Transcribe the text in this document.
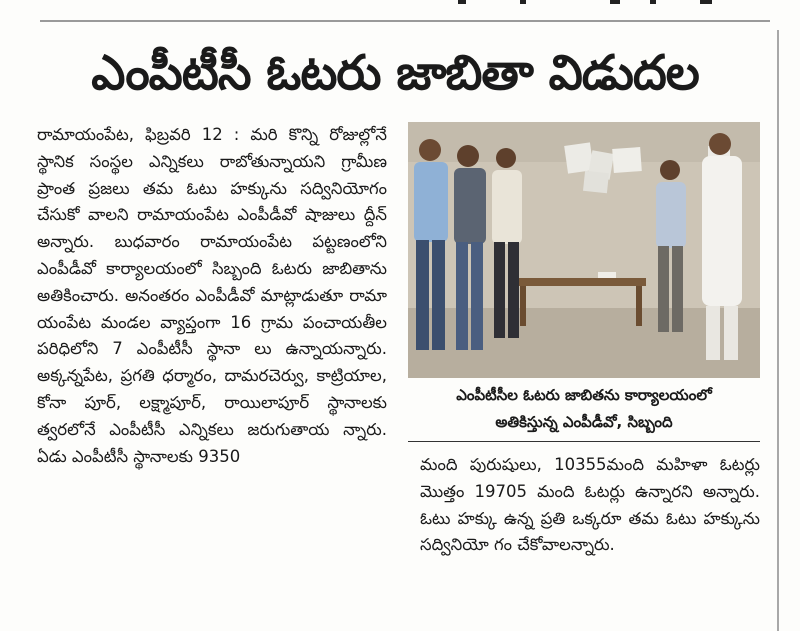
ఎంపీటీసీ ఓటరు జాబితా విడుదల

రామాయంపేట, ఫిబ్రవరి 12 : మరి కొన్ని రోజుల్లోనే స్థానిక సంస్థల ఎన్నికలు రాబోతున్నాయని గ్రామీణ ప్రాంత ప్రజలు తమ ఓటు హక్కును సద్వినియోగం చేసుకో వాలని రామాయంపేట ఎంపీడీవో షాజులు ద్దీన్ అన్నారు. బుధవారం రామాయంపేట పట్టణంలోని ఎంపీడీవో కార్యాలయంలో సిబ్బంది ఓటరు జాబితాను అతికించారు. అనంతరం ఎంపీడీవో మాట్లాడుతూ రామా యంపేట మండల వ్యాప్తంగా 16 గ్రామ పంచాయతీల పరిధిలోని 7 ఎంపీటీసీ స్థానా లు ఉన్నాయన్నారు. అక్కన్నపేట, ప్రగతి ధర్మారం, దామరచెర్వు, కాట్రియాల, కోనా పూర్, లక్ష్మాపూర్, రాయిలాపూర్ స్థానాలకు త్వరలోనే ఎంపీటీసీ ఎన్నికలు జరుగుతాయ న్నారు. ఏడు ఎంపీటీసీ స్థానాలకు 9350

ఎంపీటీసీల ఓటరు జాబితను కార్యాలయంలో
అతికిస్తున్న ఎంపీడీవో, సిబ్బంది

మంది పురుషులు, 10355మంది మహిళా ఓటర్లు మొత్తం 19705 మంది ఓటర్లు ఉన్నారని అన్నారు. ఓటు హక్కు ఉన్న ప్రతి ఒక్కరూ తమ ఓటు హక్కును సద్వినియో గం చేకోవాలన్నారు.
